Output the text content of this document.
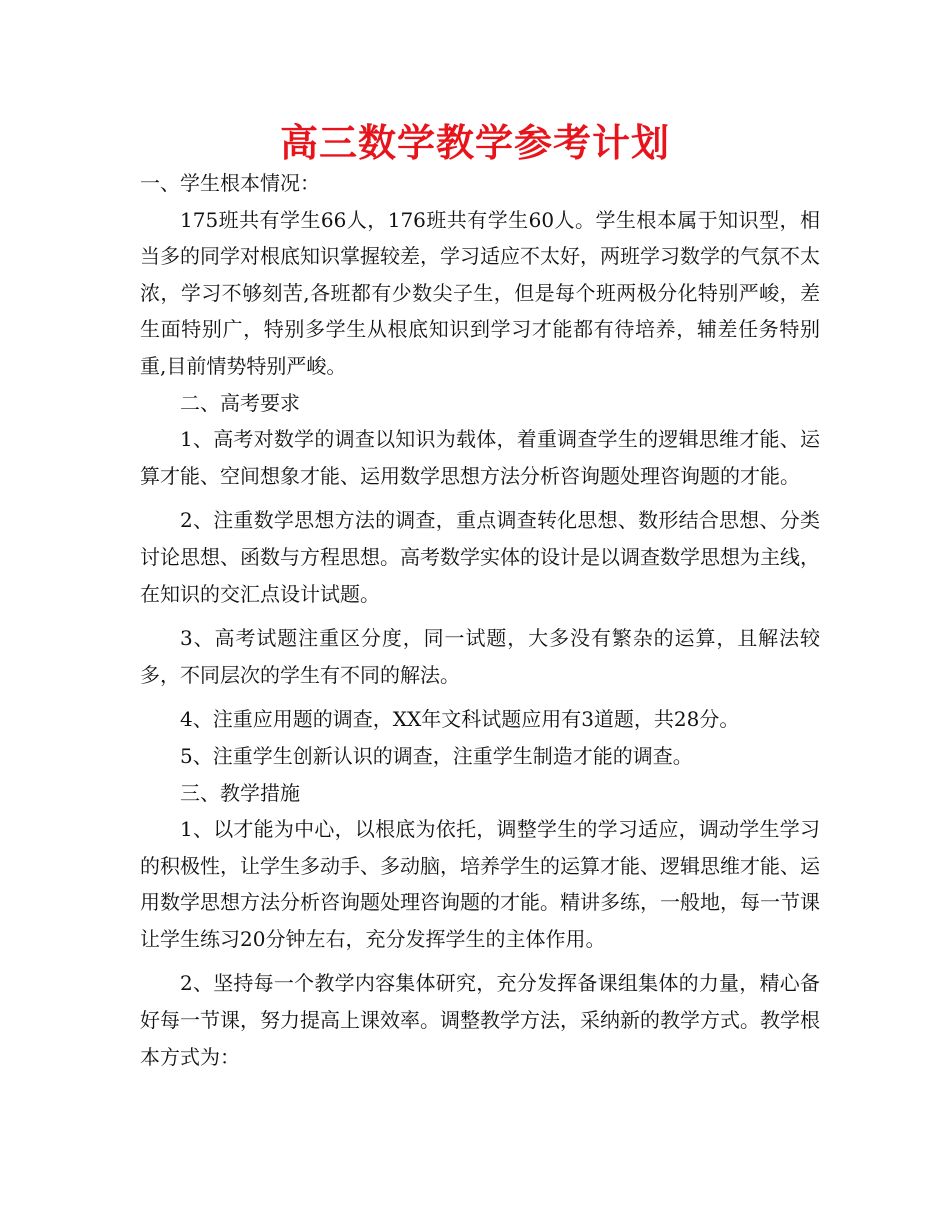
高三数学教学参考计划

一、学生根本情况：

175班共有学生66人，176班共有学生60人。学生根本属于知识型，相当多的同学对根底知识掌握较差，学习适应不太好，两班学习数学的气氛不太浓，学习不够刻苦,各班都有少数尖子生，但是每个班两极分化特别严峻，差生面特别广，特别多学生从根底知识到学习才能都有待培养，辅差任务特别重,目前情势特别严峻。

二、高考要求

1、高考对数学的调查以知识为载体，着重调查学生的逻辑思维才能、运算才能、空间想象才能、运用数学思想方法分析咨询题处理咨询题的才能。

2、注重数学思想方法的调查，重点调查转化思想、数形结合思想、分类讨论思想、函数与方程思想。高考数学实体的设计是以调查数学思想为主线，在知识的交汇点设计试题。

3、高考试题注重区分度，同一试题，大多没有繁杂的运算，且解法较多，不同层次的学生有不同的解法。

4、注重应用题的调查，XX年文科试题应用有3道题，共28分。

5、注重学生创新认识的调查，注重学生制造才能的调查。

三、教学措施

1、以才能为中心，以根底为依托，调整学生的学习适应，调动学生学习的积极性，让学生多动手、多动脑，培养学生的运算才能、逻辑思维才能、运用数学思想方法分析咨询题处理咨询题的才能。精讲多练，一般地，每一节课让学生练习20分钟左右，充分发挥学生的主体作用。

2、坚持每一个教学内容集体研究，充分发挥备课组集体的力量，精心备好每一节课，努力提高上课效率。调整教学方法，采纳新的教学方式。教学根本方式为：
